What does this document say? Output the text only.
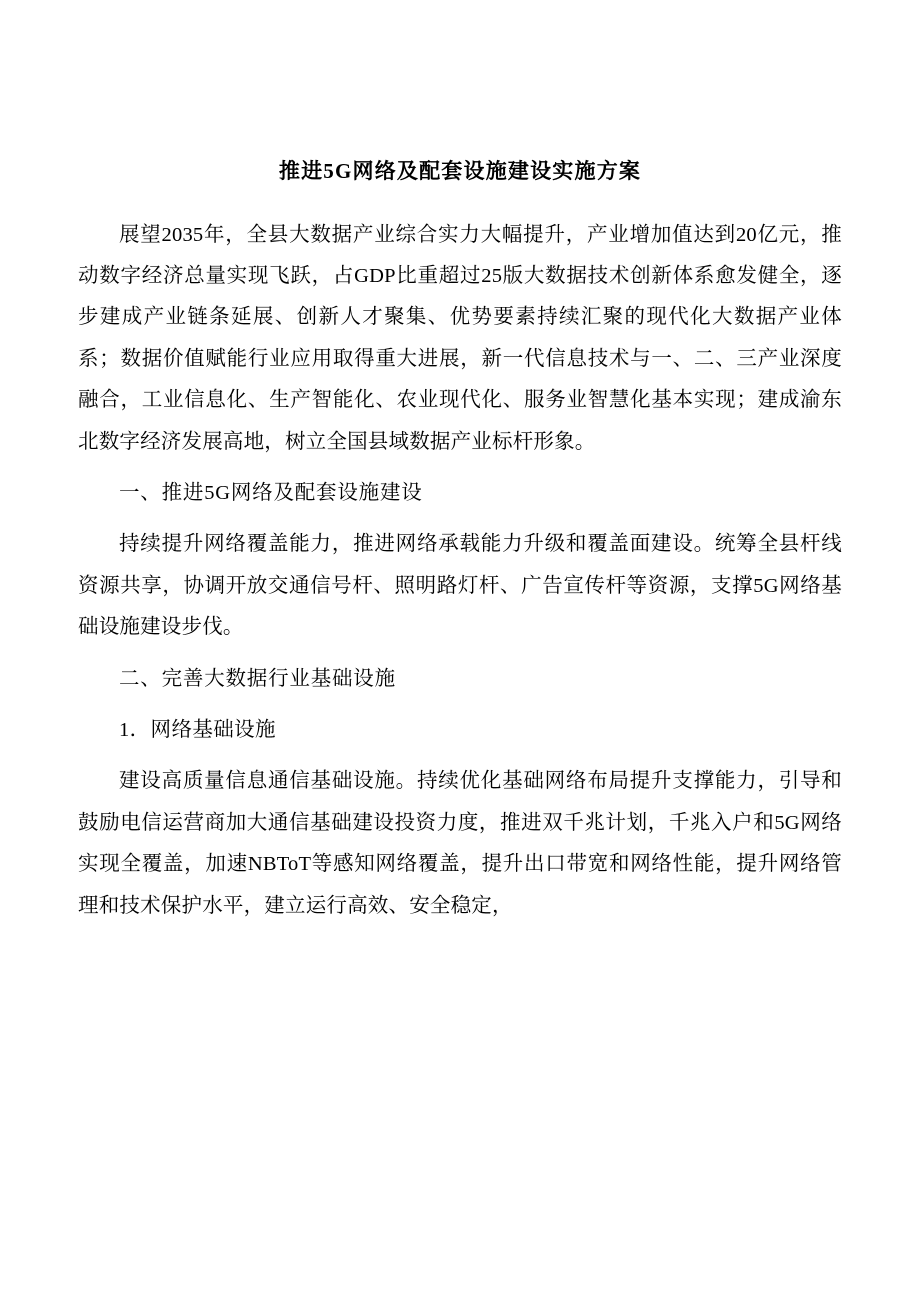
推进5G网络及配套设施建设实施方案

展望2035年，全县大数据产业综合实力大幅提升，产业增加值达到20亿元，推动数字经济总量实现飞跃，占GDP比重超过25版大数据技术创新体系愈发健全，逐步建成产业链条延展、创新人才聚集、优势要素持续汇聚的现代化大数据产业体系；数据价值赋能行业应用取得重大进展，新一代信息技术与一、二、三产业深度融合，工业信息化、生产智能化、农业现代化、服务业智慧化基本实现；建成渝东北数字经济发展高地，树立全国县域数据产业标杆形象。

一、推进5G网络及配套设施建设

持续提升网络覆盖能力，推进网络承载能力升级和覆盖面建设。统筹全县杆线资源共享，协调开放交通信号杆、照明路灯杆、广告宣传杆等资源，支撑5G网络基础设施建设步伐。

二、完善大数据行业基础设施

1．网络基础设施

建设高质量信息通信基础设施。持续优化基础网络布局提升支撑能力，引导和鼓励电信运营商加大通信基础建设投资力度，推进双千兆计划，千兆入户和5G网络实现全覆盖，加速NBToT等感知网络覆盖，提升出口带宽和网络性能，提升网络管理和技术保护水平，建立运行高效、安全稳定，
